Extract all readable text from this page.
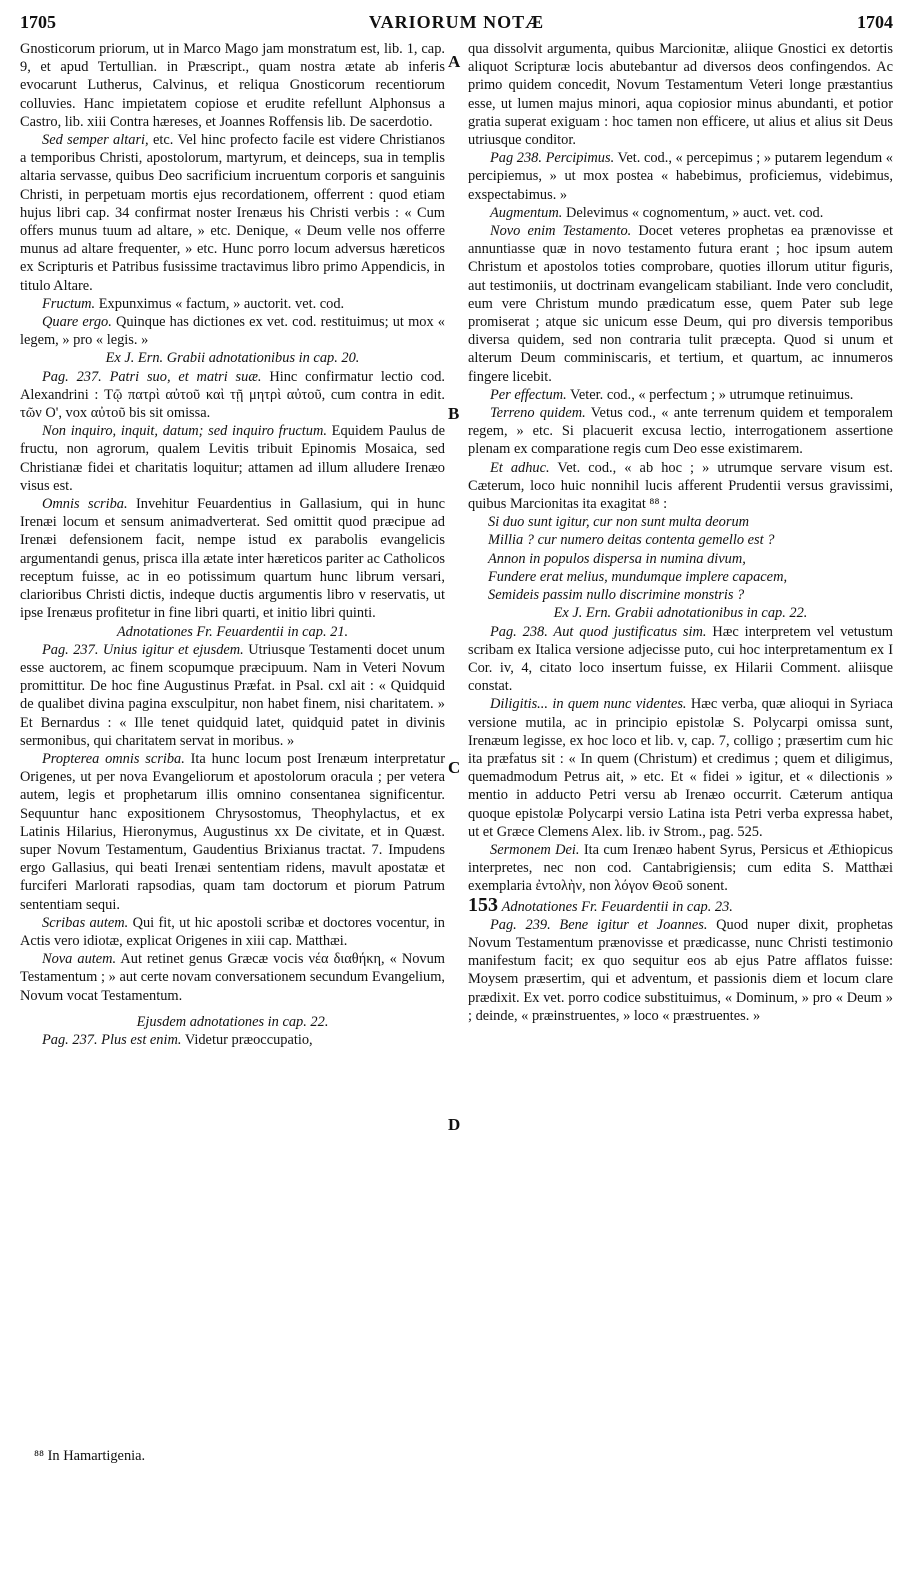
1705	VARIORUM NOTÆ	1704

Gnosticorum priorum, ut in Marco Mago jam monstratum est, lib. 1, cap. 9, et apud Tertullian. in Præscript., quam nostra ætate ab inferis evocarunt Lutherus, Calvinus, et reliqua Gnosticorum recentiorum colluvies. Hanc impietatem copiose et erudite refellunt Alphonsus a Castro, lib. xiii Contra hæreses, et Joannes Roffensis lib. De sacerdotio.

Sed semper altari, etc. Vel hinc profecto facile est videre Christianos a temporibus Christi, apostolorum, martyrum, et deinceps, sua in templis altaria servasse, quibus Deo sacrificium incruentum corporis et sanguinis Christi, in perpetuam mortis ejus recordationem, offerrent : quod etiam hujus libri cap. 34 confirmat noster Irenæus his Christi verbis : « Cum offers munus tuum ad altare, » etc. Denique, « Deum velle nos offerre munus ad altare frequenter, » etc. Hunc porro locum adversus hæreticos ex Scripturis et Patribus fusissime tractavimus libro primo Appendicis, in titulo Altare.

Fructum. Expunximus « factum, » auctorit. vet. cod.

Quare ergo. Quinque has dictiones ex vet. cod. restituimus; ut mox « legem, » pro « legis. »

Ex J. Ern. Grabii adnotationibus in cap. 20.

Pag. 237. Patri suo, et matri suæ. Hinc confirmatur lectio cod. Alexandrini : Τῷ πατρὶ αὐτοῦ καὶ τῇ μητρὶ αὐτοῦ, cum contra in edit. τῶν Ο', vox αὐτοῦ bis sit omissa.

Non inquiro, inquit, datum; sed inquiro fructum. Equidem Paulus de fructu, non agrorum, qualem Levitis tribuit Epinomis Mosaica, sed Christianæ fidei et charitatis loquitur; attamen ad illum alludere Irenæo visus est.

Omnis scriba. Invehitur Feuardentius in Gallasium, qui in hunc Irenæi locum et sensum animadverterat. Sed omittit quod præcipue ad Irenæi defensionem facit, nempe istud ex parabolis evangelicis argumentandi genus, prisca illa ætate inter hæreticos pariter ac Catholicos receptum fuisse, ac in eo potissimum quartum hunc librum versari, clarioribus Christi dictis, indeque ductis argumentis libro v reservatis, ut ipse Irenæus profitetur in fine libri quarti, et initio libri quinti.

Adnotationes Fr. Feuardentii in cap. 21.

Pag. 237. Unius igitur et ejusdem. Utriusque Testamenti docet unum esse auctorem, ac finem scopumque præcipuum. Nam in Veteri Novum promittitur. De hoc fine Augustinus Præfat. in Psal. cxl ait : « Quidquid de qualibet divina pagina exsculpitur, non habet finem, nisi charitatem. » Et Bernardus : « Ille tenet quidquid latet, quidquid patet in divinis sermonibus, qui charitatem servat in moribus. »

Propterea omnis scriba. Ita hunc locum post Irenæum interpretatur Origenes, ut per nova Evangeliorum et apostolorum oracula ; per vetera autem, legis et prophetarum illis omnino consentanea significentur. Sequuntur hanc expositionem Chrysostomus, Theophylactus, et ex Latinis Hilarius, Hieronymus, Augustinus xx De civitate, et in Quæst. super Novum Testamentum, Gaudentius Brixianus tractat. 7. Impudens ergo Gallasius, qui beati Irenæi sententiam ridens, mavult apostatæ et furciferi Marlorati rapsodias, quam tam doctorum et piorum Patrum sententiam sequi.

Scribas autem. Qui fit, ut hic apostoli scribæ et doctores vocentur, in Actis vero idiotæ, explicat Origenes in xiii cap. Matthæi.

Nova autem. Aut retinet genus Græcæ vocis νέα διαθήκη, « Novum Testamentum ; » aut certe novam conversationem secundum Evangelium, Novum vocat Testamentum.

Ejusdem adnotationes in cap. 22.

Pag. 237. Plus est enim. Videtur præoccupatio,

qua dissolvit argumenta, quibus Marcionitæ, aliique Gnostici ex detortis aliquot Scripturæ locis abutebantur ad diversos deos confingendos. Ac primo quidem concedit, Novum Testamentum Veteri longe præstantius esse, ut lumen majus minori, aqua copiosior minus abundanti, et potior gratia superat exiguam : hoc tamen non efficere, ut alius et alius sit Deus utriusque conditor.

Pag 238. Percipimus. Vet. cod., « percepimus ; » putarem legendum « percipiemus, » ut mox postea « habebimus, proficiemus, videbimus, exspectabimus. »

Augmentum. Delevimus « cognomentum, » auct. vet. cod.

Novo enim Testamento. Docet veteres prophetas ea prænovisse et annuntiasse quæ in novo testamento futura erant ; hoc ipsum autem Christum et apostolos toties comprobare, quoties illorum utitur figuris, aut testimoniis, ut doctrinam evangelicam stabiliant. Inde vero concludit, eum vere Christum mundo prædicatum esse, quem Pater sub lege promiserat ; atque sic unicum esse Deum, qui pro diversis temporibus diversa quidem, sed non contraria tulit præcepta. Quod si unum et alterum Deum comminiscaris, et tertium, et quartum, ac innumeros fingere licebit.

Per effectum. Veter. cod., « perfectum ; » utrumque retinuimus.

Terreno quidem. Vetus cod., « ante terrenum quidem et temporalem regem, » etc. Si placuerit excusa lectio, interrogationem assertione plenam ex comparatione regis cum Deo esse existimarem.

Et adhuc. Vet. cod., « ab hoc ; » utrumque servare visum est. Cæterum, loco huic nonnihil lucis afferent Prudentii versus gravissimi, quibus Marcionitas ita exagitat ⁸⁸ :

Si duo sunt igitur, cur non sunt multa deorum

Millia ? cur numero deitas contenta gemello est ?

Annon in populos dispersa in numina divum,

Fundere erat melius, mundumque implere capacem,

Semideis passim nullo discrimine monstris ?

Ex J. Ern. Grabii adnotationibus in cap. 22.

Pag. 238. Aut quod justificatus sim. Hæc interpretem vel vetustum scribam ex Italica versione adjecisse puto, cui hoc interpretamentum ex I Cor. iv, 4, citato loco insertum fuisse, ex Hilarii Comment. aliisque constat.

Diligitis... in quem nunc videntes. Hæc verba, quæ alioqui in Syriaca versione mutila, ac in principio epistolæ S. Polycarpi omissa sunt, Irenæum legisse, ex hoc loco et lib. v, cap. 7, colligo ; præsertim cum hic ita præfatus sit : « In quem (Christum) et credimus ; quem et diligimus, quemadmodum Petrus ait, » etc. Et « fidei » igitur, et « dilectionis » mentio in adducto Petri versu ab Irenæo occurrit. Cæterum antiqua quoque epistolæ Polycarpi versio Latina ista Petri verba expressa habet, ut et Græce Clemens Alex. lib. iv Strom., pag. 525.

Sermonem Dei. Ita cum Irenæo habent Syrus, Persicus et Æthiopicus interpretes, nec non cod. Cantabrigiensis; cum edita S. Matthæi exemplaria ἐντολὴν, non λόγον Θεοῦ sonent.

153 Adnotationes Fr. Feuardentii in cap. 23.

Pag. 239. Bene igitur et Joannes. Quod nuper dixit, prophetas Novum Testamentum prænovisse et prædicasse, nunc Christi testimonio manifestum facit; ex quo sequitur eos ab ejus Patre afflatos fuisse: Moysem præsertim, qui et adventum, et passionis diem et locum clare prædixit. Ex vet. porro codice substituimus, « Dominum, » pro « Deum » ; deinde, « præinstruentes, » loco « præstruentes. »

A
B
C
D
⁸⁸ In Hamartigenia.
